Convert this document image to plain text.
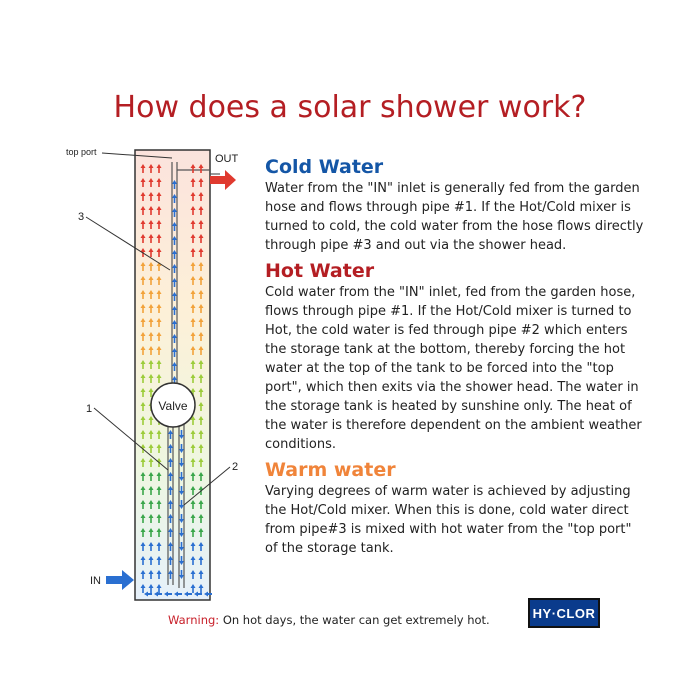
How does a solar shower work?
Valve
OUT
IN
top port
3
1
2
Cold Water

Water from the "IN" inlet is generally fed from the garden hose and flows through pipe #1. If the Hot/Cold mixer is turned to cold, the cold water from the hose flows directly through pipe #3 and out via the shower head.

Hot Water

Cold water from the "IN" inlet, fed from the garden hose, flows through pipe #1. If the Hot/Cold mixer is turned to Hot, the cold water is fed through pipe #2 which enters the storage tank at the bottom, thereby forcing the hot water at the top of the tank to be forced into the "top port", which then exits via the shower head. The water in the storage tank is heated by sunshine only. The heat of the water is therefore dependent on the ambient weather conditions.

Warm water

Varying degrees of warm water is achieved by adjusting the Hot/Cold mixer. When this is done, cold water direct from pipe#3 is mixed with hot water from the "top port" of the storage tank.

Warning: On hot days, the water can get extremely hot.	HY·CLOR
